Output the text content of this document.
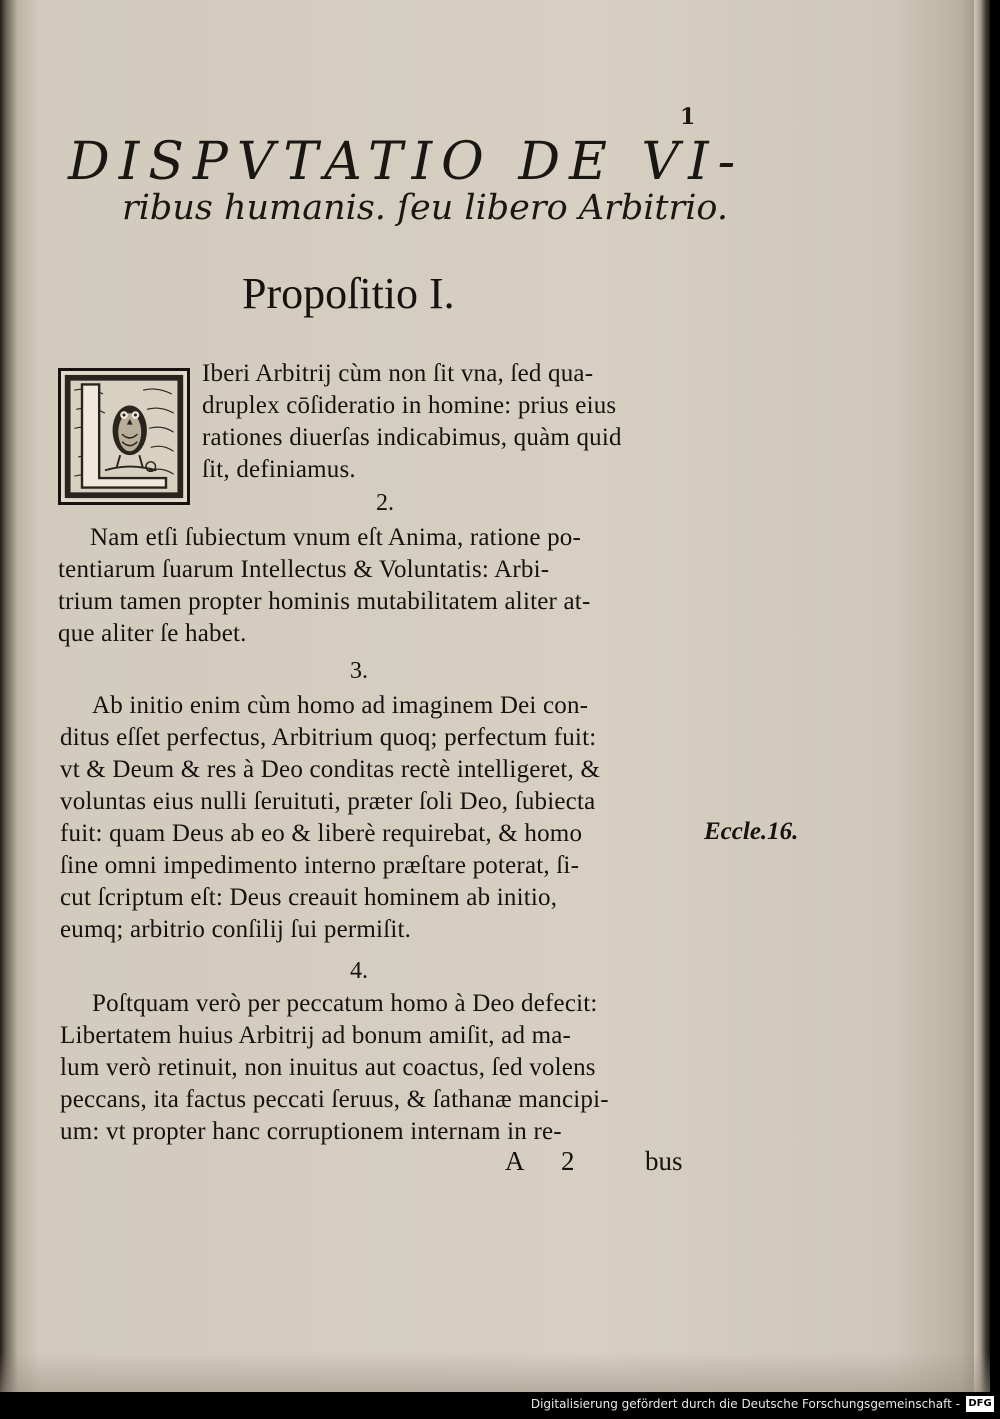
1
DISPVTATIO DE VI-
ribus humanis. ſeu libero Arbitrio.
Propoſitio I.
Iberi Arbitrij cùm non ſit vna, ſed qua-
druplex cōſideratio in homine: prius eius
rationes diuerſas indicabimus, quàm quid
ſit, definiamus.
2.
Nam etſi ſubiectum vnum eſt Anima, ratione po-
tentiarum ſuarum Intellectus & Voluntatis: Arbi-
trium tamen propter hominis mutabilitatem aliter at-
que aliter ſe habet.
3.
Ab initio enim cùm homo ad imaginem Dei con-
ditus eſſet perfectus, Arbitrium quoq; perfectum fuit:
vt & Deum & res à Deo conditas rectè intelligeret, &
voluntas eius nulli ſeruituti, præter ſoli Deo, ſubiecta
fuit: quam Deus ab eo & liberè requirebat, & homo
ſine omni impedimento interno præſtare poterat, ſi-
cut ſcriptum eſt: Deus creauit hominem ab initio,
eumq; arbitrio conſilij ſui permiſit.
Eccle.16.
4.
Poſtquam verò per peccatum homo à Deo defecit:
Libertatem huius Arbitrij ad bonum amiſit, ad ma-
lum verò retinuit, non inuitus aut coactus, ſed volens
peccans, ita factus peccati ſeruus, & ſathanæ mancipi-
um: vt propter hanc corruptionem internam in re-
A 2	bus
Digitalisierung gefördert durch die Deutsche Forschungsgemeinschaft - DFG
